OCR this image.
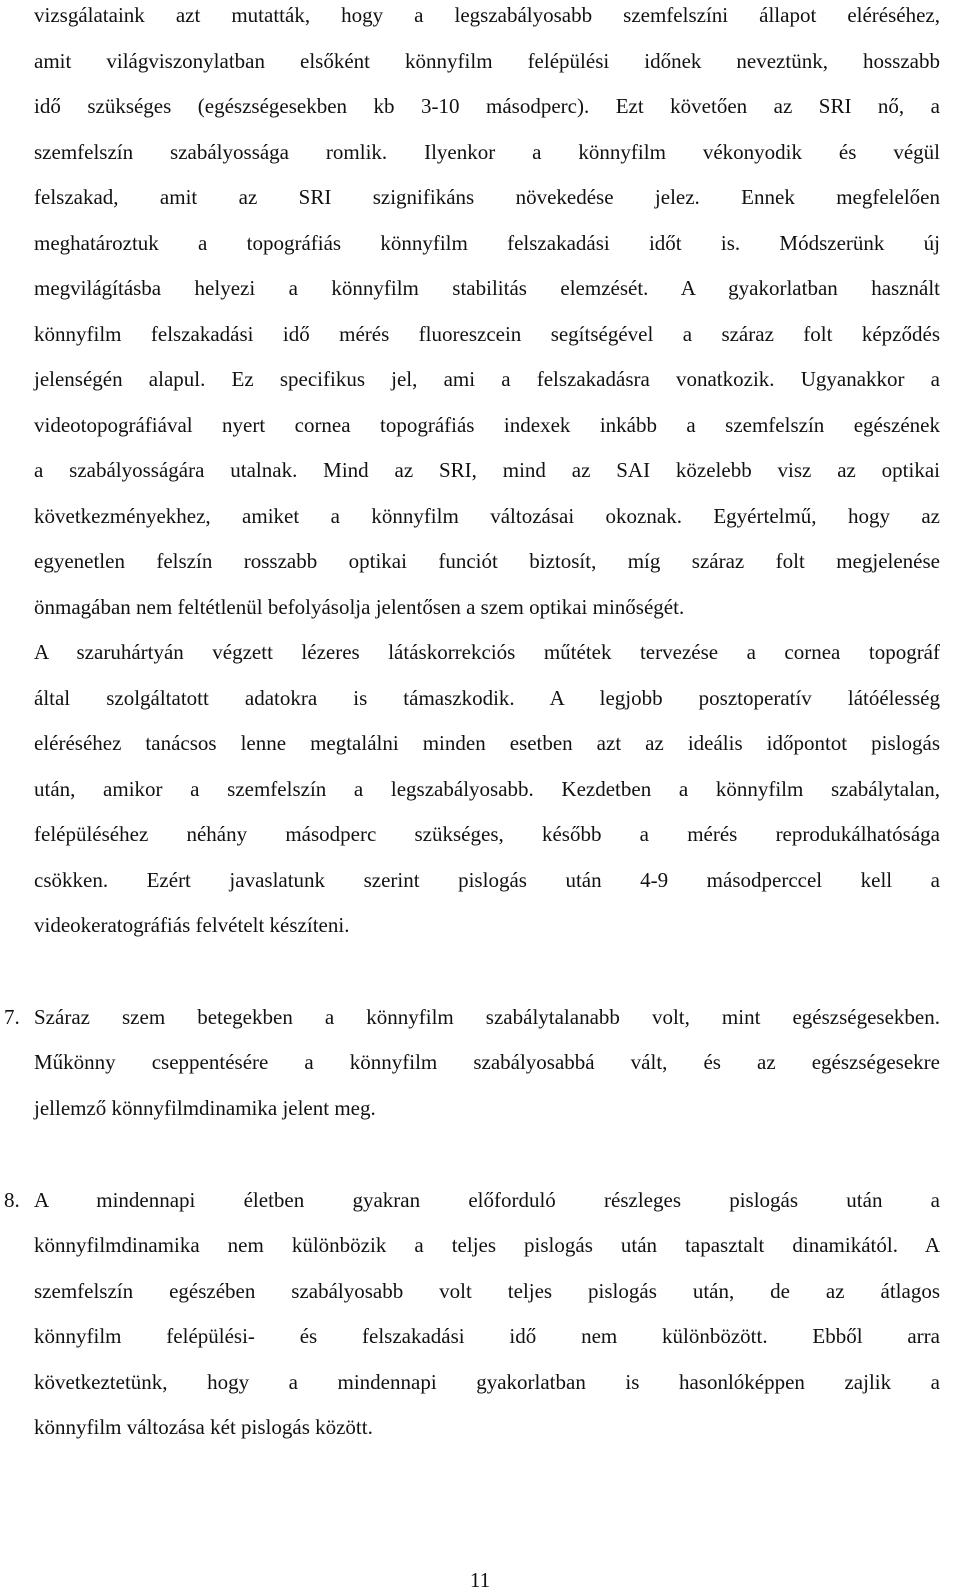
vizsgálataink azt mutatták, hogy a legszabályosabb szemfelszíni állapot eléréséhez,
amit világviszonylatban elsőként könnyfilm felépülési időnek neveztünk, hosszabb
idő szükséges (egészségesekben kb 3-10 másodperc). Ezt követően az SRI nő, a
szemfelszín szabályossága romlik. Ilyenkor a könnyfilm vékonyodik és végül
felszakad, amit az SRI szignifikáns növekedése jelez. Ennek megfelelően
meghatároztuk a topográfiás könnyfilm felszakadási időt is. Módszerünk új
megvilágításba helyezi a könnyfilm stabilitás elemzését. A gyakorlatban használt
könnyfilm felszakadási idő mérés fluoreszcein segítségével a száraz folt képződés
jelenségén alapul. Ez specifikus jel, ami a felszakadásra vonatkozik. Ugyanakkor a
videotopográfiával nyert cornea topográfiás indexek inkább a szemfelszín egészének
a szabályosságára utalnak. Mind az SRI, mind az SAI közelebb visz az optikai
következményekhez, amiket a könnyfilm változásai okoznak. Egyértelmű, hogy az
egyenetlen felszín rosszabb optikai funciót biztosít, míg száraz folt megjelenése
önmagában nem feltétlenül befolyásolja jelentősen a szem optikai minőségét.
A szaruhártyán végzett lézeres látáskorrekciós műtétek tervezése a cornea topográf
által szolgáltatott adatokra is támaszkodik. A legjobb posztoperatív látóélesség
eléréséhez tanácsos lenne megtalálni minden esetben azt az ideális időpontot pislogás
után, amikor a szemfelszín a legszabályosabb. Kezdetben a könnyfilm szabálytalan,
felépüléséhez néhány másodperc szükséges, később a mérés reprodukálhatósága
csökken. Ezért javaslatunk szerint pislogás után 4-9 másodperccel kell a
videokeratográfiás felvételt készíteni.
7. Száraz szem betegekben a könnyfilm szabálytalanabb volt, mint egészségesekben.
Műkönny cseppentésére a könnyfilm szabályosabbá vált, és az egészségesekre
jellemző könnyfilmdinamika jelent meg.
8. A mindennapi életben gyakran előforduló részleges pislogás után a
könnyfilmdinamika nem különbözik a teljes pislogás után tapasztalt dinamikától. A
szemfelszín egészében szabályosabb volt teljes pislogás után, de az átlagos
könnyfilm felépülési- és felszakadási idő nem különbözött. Ebből arra
következtetünk, hogy a mindennapi gyakorlatban is hasonlóképpen zajlik a
könnyfilm változása két pislogás között.
11
